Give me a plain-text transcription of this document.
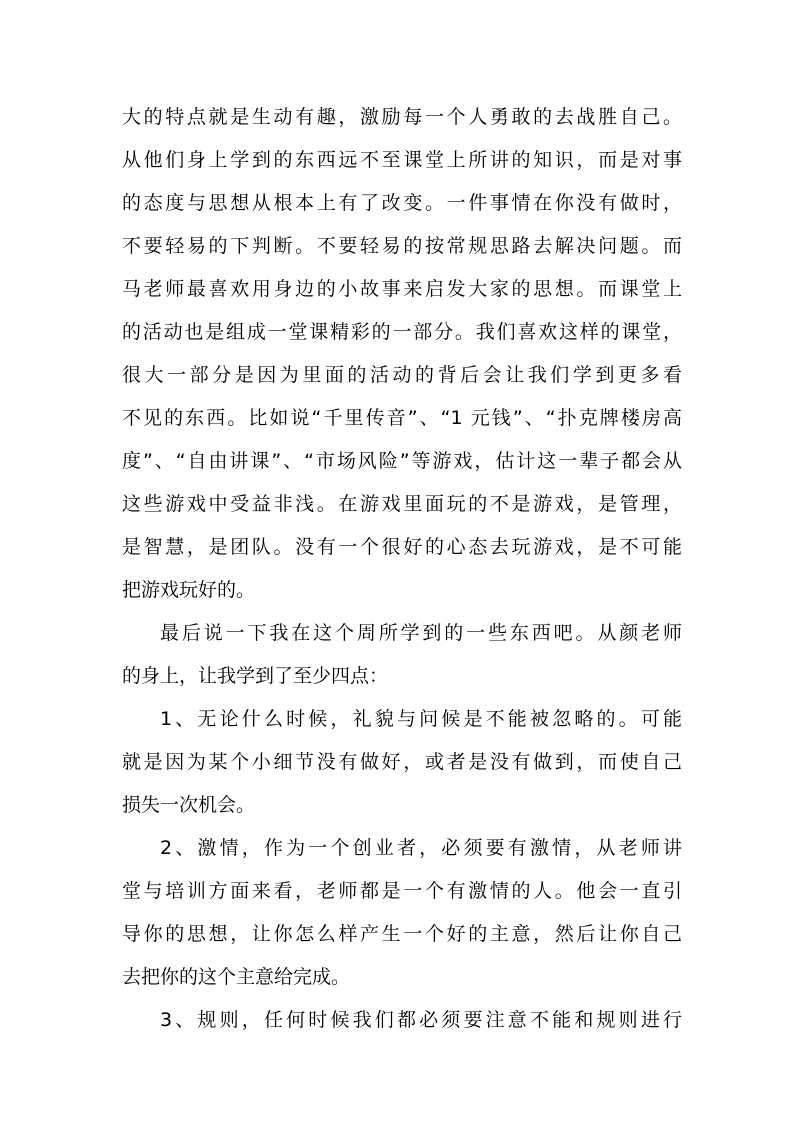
大的特点就是生动有趣，激励每一个人勇敢的去战胜自己。
从他们身上学到的东西远不至课堂上所讲的知识，而是对事
的态度与思想从根本上有了改变。一件事情在你没有做时，
不要轻易的下判断。不要轻易的按常规思路去解决问题。而
马老师最喜欢用身边的小故事来启发大家的思想。而课堂上
的活动也是组成一堂课精彩的一部分。我们喜欢这样的课堂，
很大一部分是因为里面的活动的背后会让我们学到更多看
不见的东西。比如说“千里传音”、“1 元钱”、“扑克牌楼房高
度”、“自由讲课”、“市场风险”等游戏，估计这一辈子都会从
这些游戏中受益非浅。在游戏里面玩的不是游戏，是管理，
是智慧，是团队。没有一个很好的心态去玩游戏，是不可能
把游戏玩好的。
最后说一下我在这个周所学到的一些东西吧。从颜老师
的身上，让我学到了至少四点：
1、无论什么时候，礼貌与问候是不能被忽略的。可能
就是因为某个小细节没有做好，或者是没有做到，而使自己
损失一次机会。
2、激情，作为一个创业者，必须要有激情，从老师讲
堂与培训方面来看，老师都是一个有激情的人。他会一直引
导你的思想，让你怎么样产生一个好的主意，然后让你自己
去把你的这个主意给完成。
3、规则，任何时候我们都必须要注意不能和规则进行
